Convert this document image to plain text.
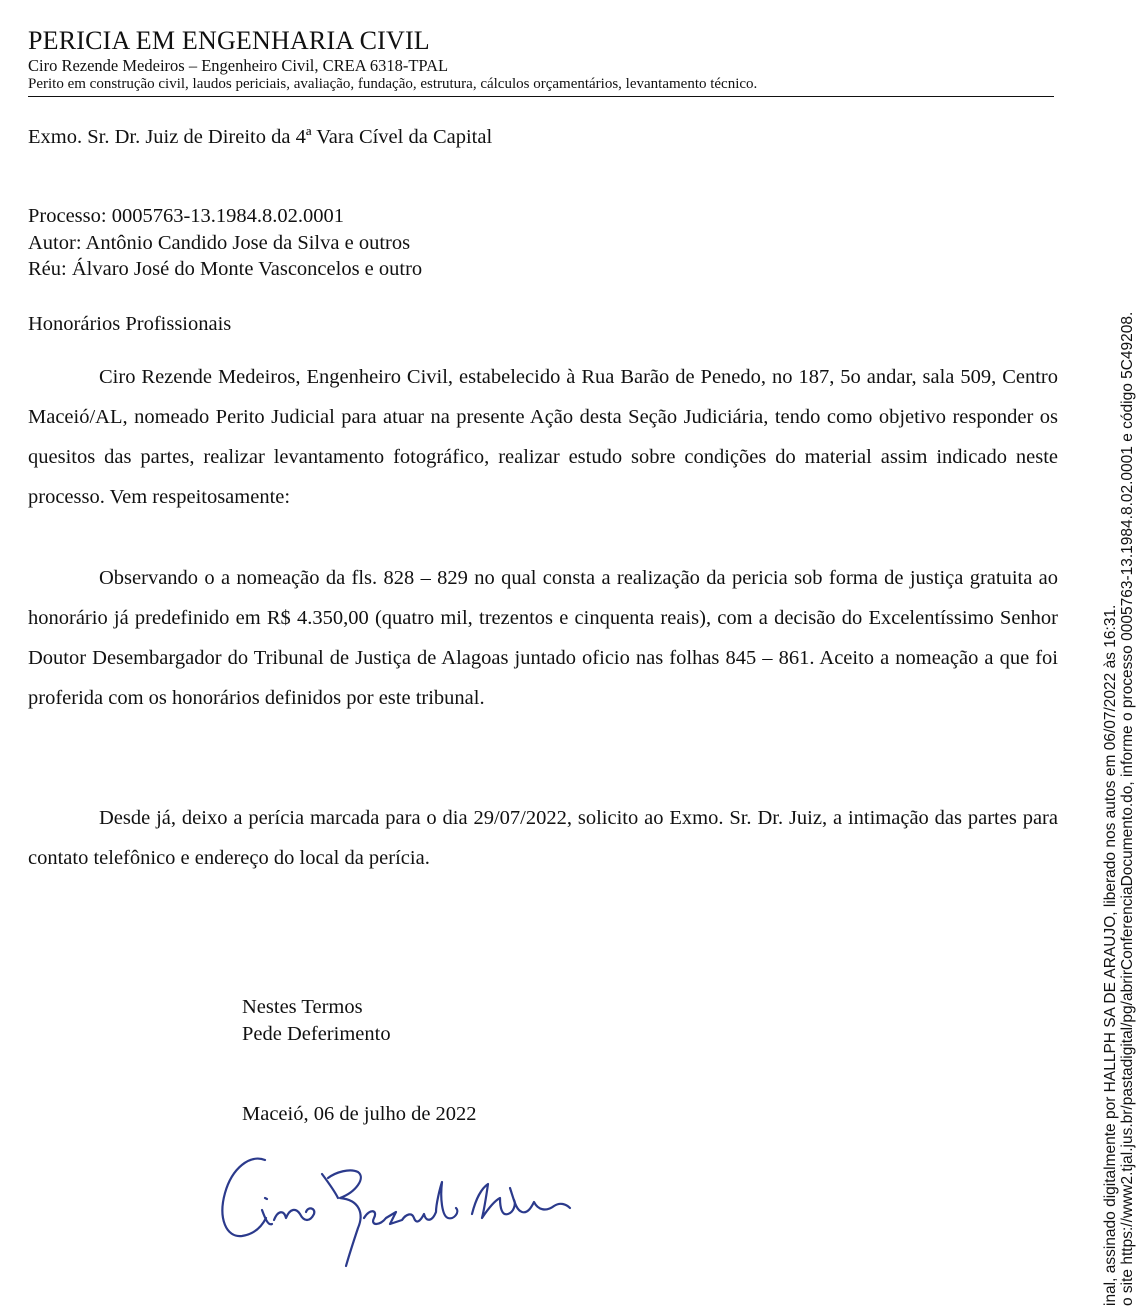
PERICIA EM ENGENHARIA CIVIL
Ciro Rezende Medeiros – Engenheiro Civil, CREA 6318-TPAL
Perito em construção civil, laudos periciais, avaliação, fundação, estrutura, cálculos orçamentários, levantamento técnico.
Exmo. Sr. Dr. Juiz de Direito da 4ª Vara Cível da Capital
Processo: 0005763-13.1984.8.02.0001
Autor: Antônio Candido Jose da Silva e outros
Réu: Álvaro José do Monte Vasconcelos e outro
Honorários Profissionais

Ciro Rezende Medeiros, Engenheiro Civil, estabelecido à Rua Barão de Penedo, no 187, 5o andar, sala 509, Centro Maceió/AL, nomeado Perito Judicial para atuar na presente Ação desta Seção Judiciária, tendo como objetivo responder os quesitos das partes, realizar levantamento fotográfico, realizar estudo sobre condições do material assim indicado neste processo. Vem respeitosamente:

Observando o a nomeação da fls. 828 – 829 no qual consta a realização da pericia sob forma de justiça gratuita ao honorário já predefinido em R$ 4.350,00 (quatro mil, trezentos e cinquenta reais), com a decisão do Excelentíssimo Senhor Doutor Desembargador do Tribunal de Justiça de Alagoas juntado oficio nas folhas 845 – 861. Aceito a nomeação a que foi proferida com os honorários definidos por este tribunal.

Desde já, deixo a perícia marcada para o dia 29/07/2022, solicito ao Exmo. Sr. Dr. Juiz, a intimação das partes para contato telefônico e endereço do local da perícia.

Nestes Termos
Pede Deferimento
Maceió, 06 de julho de 2022	inal, assinado digitalmente por HALLPH SA DE ARAUJO, liberado nos autos em 06/07/2022 às 16:31. o site https://www2.tjal.jus.br/pastadigital/pg/abrirConferenciaDocumento.do, informe o processo 0005763-13.1984.8.02.0001 e código 5C49208.
